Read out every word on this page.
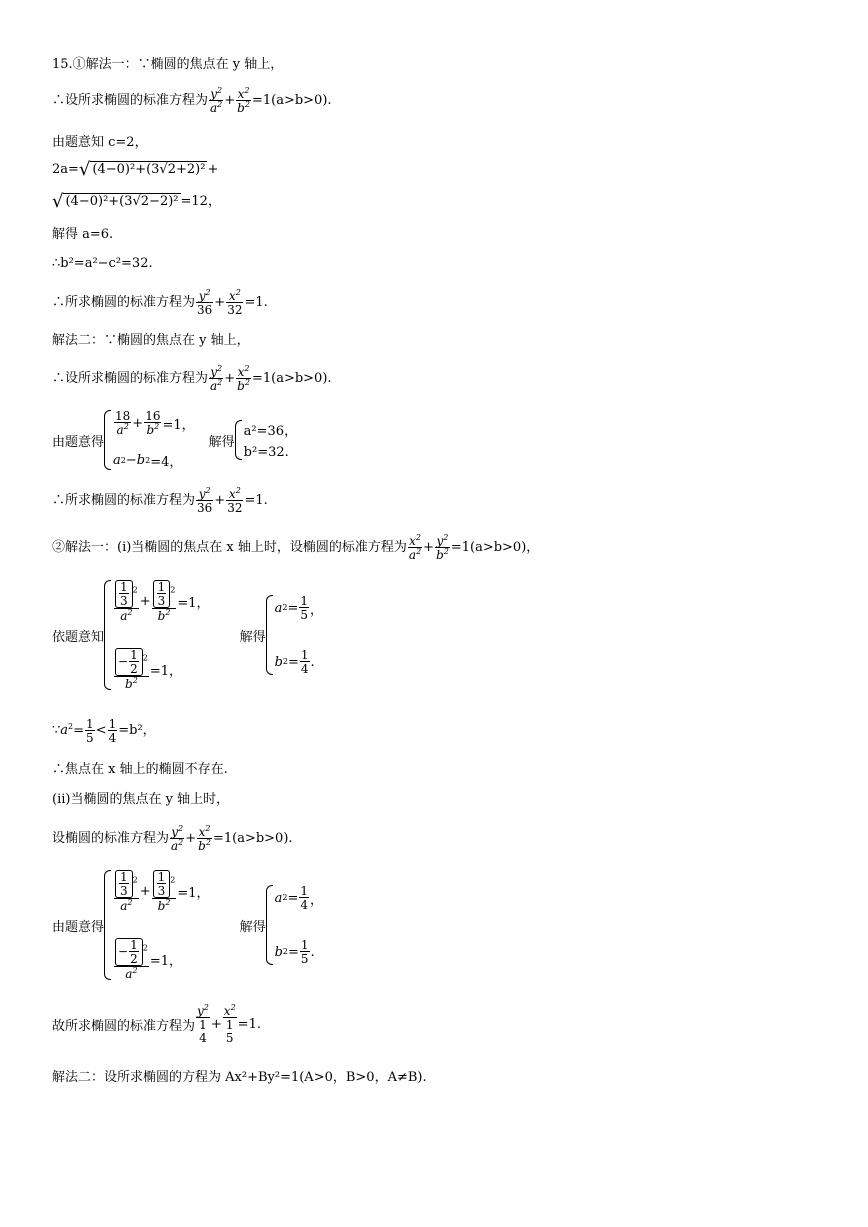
15.①解法一：∵椭圆的焦点在 y 轴上，
∴设所求椭圆的标准方程为 $\frac{y^2}{a^2} + \frac{x^2}{b^2} =1(a>b>0)$.
由题意知 c=2，
2a=√ (4−0)²+(3√2+2)² +
√ (4−0)²+(3√2−2)² =12，
解得 a=6.
∴b²=a²−c²=32.
∴所求椭圆的标准方程为 $\frac{y^2}{36} + \frac{x^2}{32} =1$.
解法二：∵椭圆的焦点在 y 轴上，
∴设所求椭圆的标准方程为 $\frac{y^2}{a^2} + \frac{x^2}{b^2} =1(a>b>0)$.
由题意得
$\frac{18}{a^2} + \frac{16}{b^2} =1$，
a 2 − b 2 =4，
解得
a²=36，
b²=32.
∴所求椭圆的标准方程为 $\frac{y^2}{36} + \frac{x^2}{32} =1$.
②解法一：(ⅰ)当椭圆的焦点在 x 轴上时，设椭圆的标准方程为 $\frac{x^2}{a^2} + \frac{y^2}{b^2} =1(a>b>0)$，
依题意知
$\frac{\frac{1}{3} ^2}{a^2} + \frac{\frac{1}{3} ^2}{b^2} =1$，
$\frac{- \frac{1}{2} ^2}{b^2} =1$，
解得
a $2 = \frac{1}{5}$ ，
b $2 = \frac{1}{4}$ .
$\because a^2= \frac{1}{5} < \frac{1}{4} =b^2$，
∴焦点在 x 轴上的椭圆不存在.
(ⅱ)当椭圆的焦点在 y 轴上时，
设椭圆的标准方程为 $\frac{y^2}{a^2} + \frac{x^2}{b^2} =1(a>b>0)$.
由题意得
$\frac{\frac{1}{3} ^2}{a^2} + \frac{\frac{1}{3} ^2}{b^2} =1$，
$\frac{- \frac{1}{2} ^2}{a^2} =1$，
解得
a $2 = \frac{1}{4}$ ，
b $2 = \frac{1}{5}$ .
故所求椭圆的标准方程为 $y^2$
1
$4 + x^2$
1
5 =1.
解法二：设所求椭圆的方程为 Ax²+By²=1(A>0，B>0，A≠B).
